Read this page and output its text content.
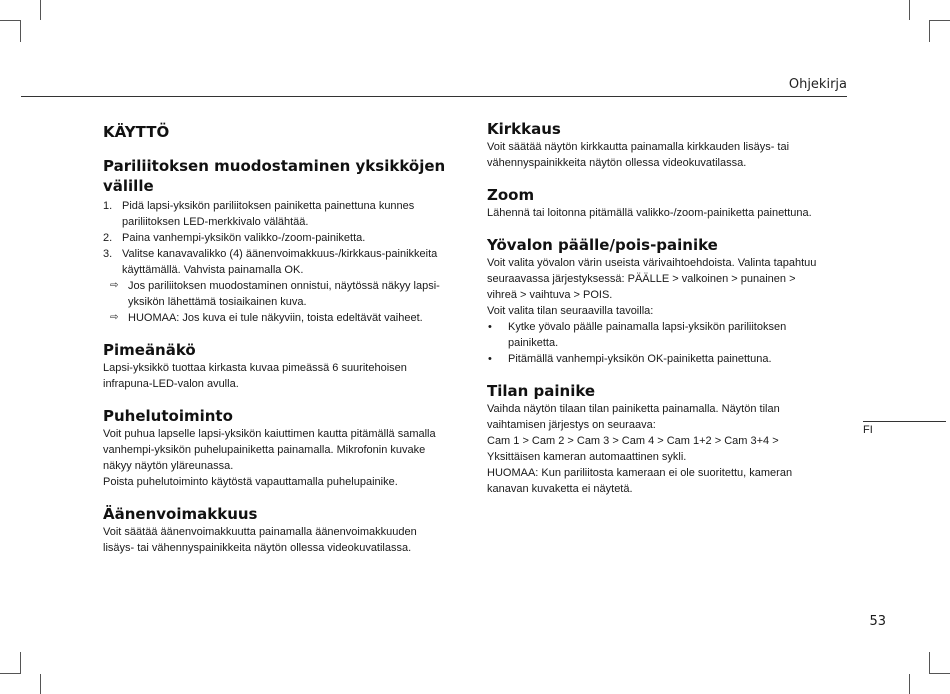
Ohjekirja
FI
53
KÄYTTÖ
Pariliitoksen muodostaminen yksikköjen välille
1. Pidä lapsi-yksikön pariliitoksen painiketta painettuna kunnes
pariliitoksen LED-merkkivalo välähtää.
2. Paina vanhempi-yksikön valikko-/zoom-painiketta.
3. Valitse kanavavalikko (4) äänenvoimakkuus-/kirkkaus-painikkeita
käyttämällä. Vahvista painamalla OK.
⇨ Jos pariliitoksen muodostaminen onnistui, näytössä näkyy lapsi-
yksikön lähettämä tosiaikainen kuva.
⇨ HUOMAA: Jos kuva ei tule näkyviin, toista edeltävät vaiheet.
Pimeänäkö

Lapsi-yksikkö tuottaa kirkasta kuvaa pimeässä 6 suuritehoisen

infrapuna-LED-valon avulla.

Puhelutoiminto

Voit puhua lapselle lapsi-yksikön kaiuttimen kautta pitämällä samalla

vanhempi-yksikön puhelupainiketta painamalla. Mikrofonin kuvake

näkyy näytön yläreunassa.

Poista puhelutoiminto käytöstä vapauttamalla puhelupainike.

Äänenvoimakkuus

Voit säätää äänenvoimakkuutta painamalla äänenvoimakkuuden

lisäys- tai vähennyspainikkeita näytön ollessa videokuvatilassa.

Kirkkaus

Voit säätää näytön kirkkautta painamalla kirkkauden lisäys- tai

vähennyspainikkeita näytön ollessa videokuvatilassa.

Zoom

Lähennä tai loitonna pitämällä valikko-/zoom-painiketta painettuna.

Yövalon päälle/pois-painike

Voit valita yövalon värin useista värivaihtoehdoista. Valinta tapahtuu

seuraavassa järjestyksessä: PÄÄLLE > valkoinen > punainen >

vihreä > vaihtuva > POIS.

Voit valita tilan seuraavilla tavoilla:

• Kytke yövalo päälle painamalla lapsi-yksikön pariliitoksen
painiketta.
• Pitämällä vanhempi-yksikön OK-painiketta painettuna.
Tilan painike

Vaihda näytön tilaan tilan painiketta painamalla. Näytön tilan

vaihtamisen järjestys on seuraava:

Cam 1 > Cam 2 > Cam 3 > Cam 4 > Cam 1+2 > Cam 3+4 >

Yksittäisen kameran automaattinen sykli.

HUOMAA: Kun pariliitosta kameraan ei ole suoritettu, kameran

kanavan kuvaketta ei näytetä.
